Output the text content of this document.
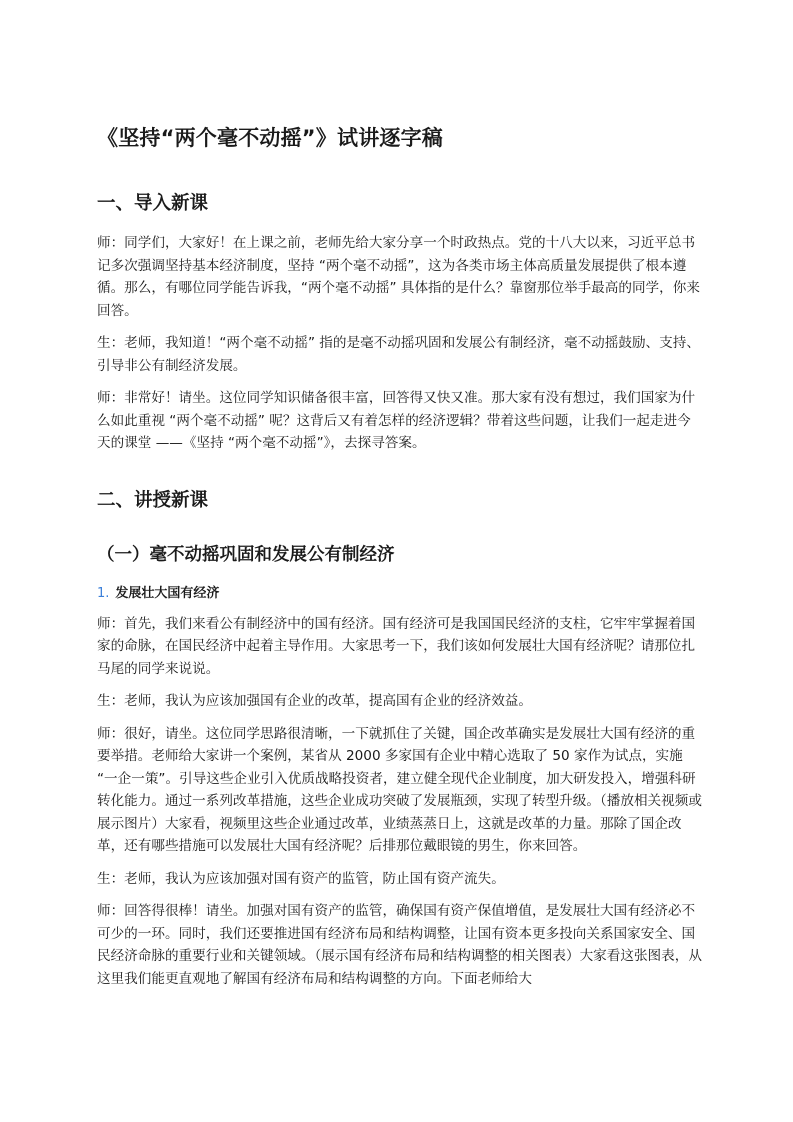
《坚持“两个毫不动摇”》试讲逐字稿
一、导入新课

师：同学们，大家好！在上课之前，老师先给大家分享一个时政热点。党的十八大以来，习近平总书记多次强调坚持基本经济制度，坚持 “两个毫不动摇”，这为各类市场主体高质量发展提供了根本遵循。那么，有哪位同学能告诉我，“两个毫不动摇” 具体指的是什么？靠窗那位举手最高的同学，你来回答。

生：老师，我知道！“两个毫不动摇” 指的是毫不动摇巩固和发展公有制经济，毫不动摇鼓励、支持、引导非公有制经济发展。

师：非常好！请坐。这位同学知识储备很丰富，回答得又快又准。那大家有没有想过，我们国家为什么如此重视 “两个毫不动摇” 呢？这背后又有着怎样的经济逻辑？带着这些问题，让我们一起走进今天的课堂 ——《坚持 “两个毫不动摇”》，去探寻答案。

二、讲授新课
（一）毫不动摇巩固和发展公有制经济
1. 发展壮大国有经济

师：首先，我们来看公有制经济中的国有经济。国有经济可是我国国民经济的支柱，它牢牢掌握着国家的命脉，在国民经济中起着主导作用。大家思考一下，我们该如何发展壮大国有经济呢？请那位扎马尾的同学来说说。

生：老师，我认为应该加强国有企业的改革，提高国有企业的经济效益。

师：很好，请坐。这位同学思路很清晰，一下就抓住了关键，国企改革确实是发展壮大国有经济的重要举措。老师给大家讲一个案例，某省从 2000 多家国有企业中精心选取了 50 家作为试点，实施 “一企一策”。引导这些企业引入优质战略投资者，建立健全现代企业制度，加大研发投入，增强科研转化能力。通过一系列改革措施，这些企业成功突破了发展瓶颈，实现了转型升级。（播放相关视频或展示图片）大家看，视频里这些企业通过改革，业绩蒸蒸日上，这就是改革的力量。那除了国企改革，还有哪些措施可以发展壮大国有经济呢？后排那位戴眼镜的男生，你来回答。

生：老师，我认为应该加强对国有资产的监管，防止国有资产流失。

师：回答得很棒！请坐。加强对国有资产的监管，确保国有资产保值增值，是发展壮大国有经济必不可少的一环。同时，我们还要推进国有经济布局和结构调整，让国有资本更多投向关系国家安全、国民经济命脉的重要行业和关键领域。（展示国有经济布局和结构调整的相关图表）大家看这张图表，从这里我们能更直观地了解国有经济布局和结构调整的方向。下面老师给大
